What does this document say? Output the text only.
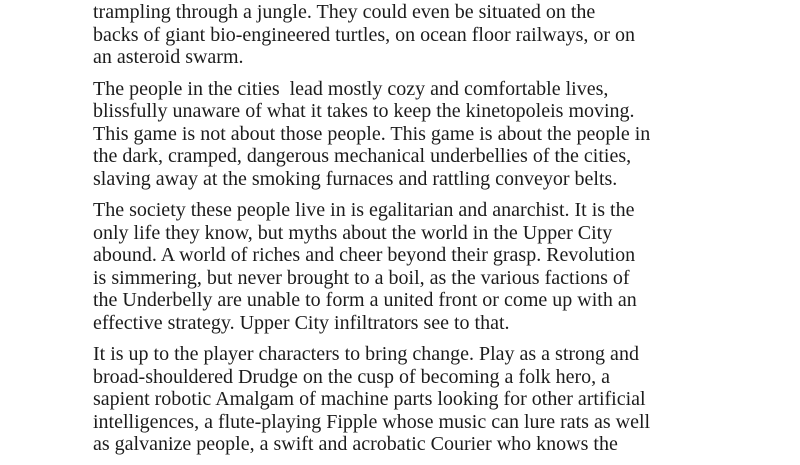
trampling through a jungle. They could even be situated on the
backs of giant bio-engineered turtles, on ocean floor railways, or on
an asteroid swarm.

The people in the cities  lead mostly cozy and comfortable lives,
blissfully unaware of what it takes to keep the kinetopoleis moving.
This game is not about those people. This game is about the people in
the dark, cramped, dangerous mechanical underbellies of the cities,
slaving away at the smoking furnaces and rattling conveyor belts.

The society these people live in is egalitarian and anarchist. It is the
only life they know, but myths about the world in the Upper City
abound. A world of riches and cheer beyond their grasp. Revolution
is simmering, but never brought to a boil, as the various factions of
the Underbelly are unable to form a united front or come up with an
effective strategy. Upper City infiltrators see to that.

It is up to the player characters to bring change. Play as a strong and
broad-shouldered Drudge on the cusp of becoming a folk hero, a
sapient robotic Amalgam of machine parts looking for other artificial
intelligences, a flute-playing Fipple whose music can lure rats as well
as galvanize people, a swift and acrobatic Courier who knows the
